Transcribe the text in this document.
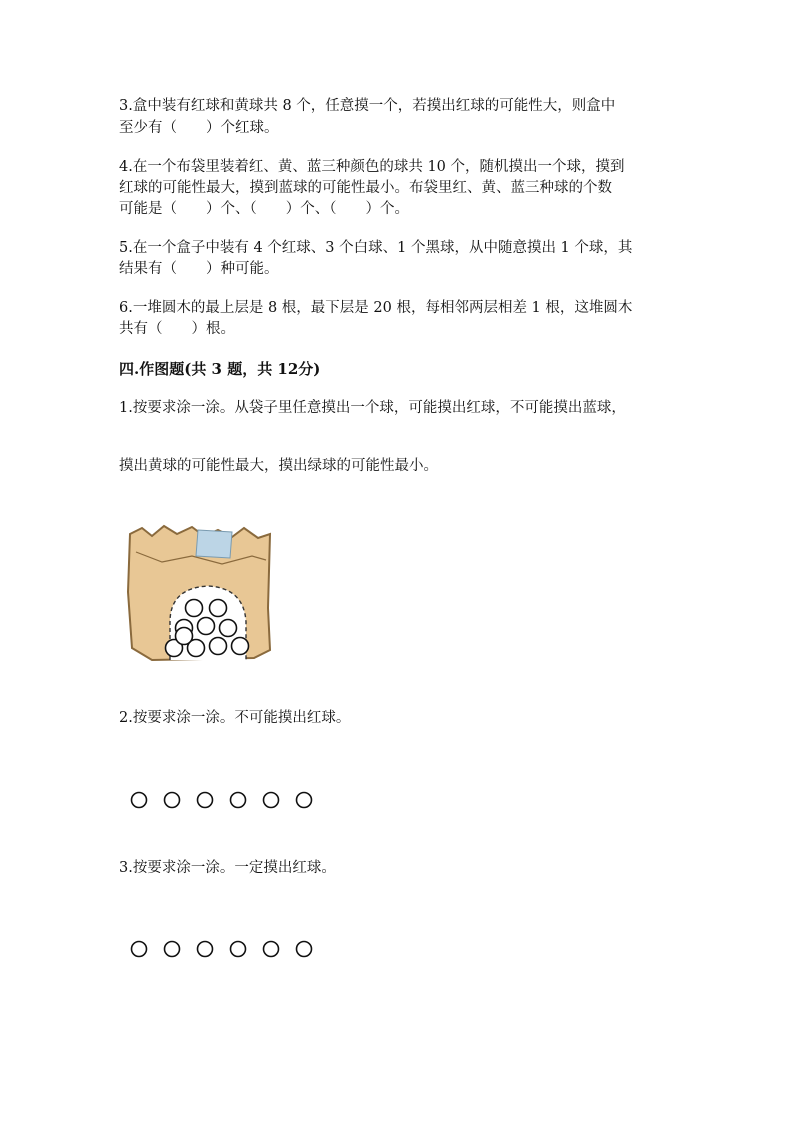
3.盒中装有红球和黄球共 8 个，任意摸一个，若摸出红球的可能性大，则盒中
至少有（　　）个红球。
4.在一个布袋里装着红、黄、蓝三种颜色的球共 10 个，随机摸出一个球，摸到
红球的可能性最大，摸到蓝球的可能性最小。布袋里红、黄、蓝三种球的个数
可能是（　　）个、（　　）个、（　　）个。
5.在一个盒子中装有 4 个红球、3 个白球、1 个黑球，从中随意摸出 1 个球，其
结果有（　　）种可能。
6.一堆圆木的最上层是 8 根，最下层是 20 根，每相邻两层相差 1 根，这堆圆木
共有（　　）根。
四.作图题(共 3 题，共 12分)
1.按要求涂一涂。从袋子里任意摸出一个球，可能摸出红球，不可能摸出蓝球，
摸出黄球的可能性最大，摸出绿球的可能性最小。
2.按要求涂一涂。不可能摸出红球。
3.按要求涂一涂。一定摸出红球。
